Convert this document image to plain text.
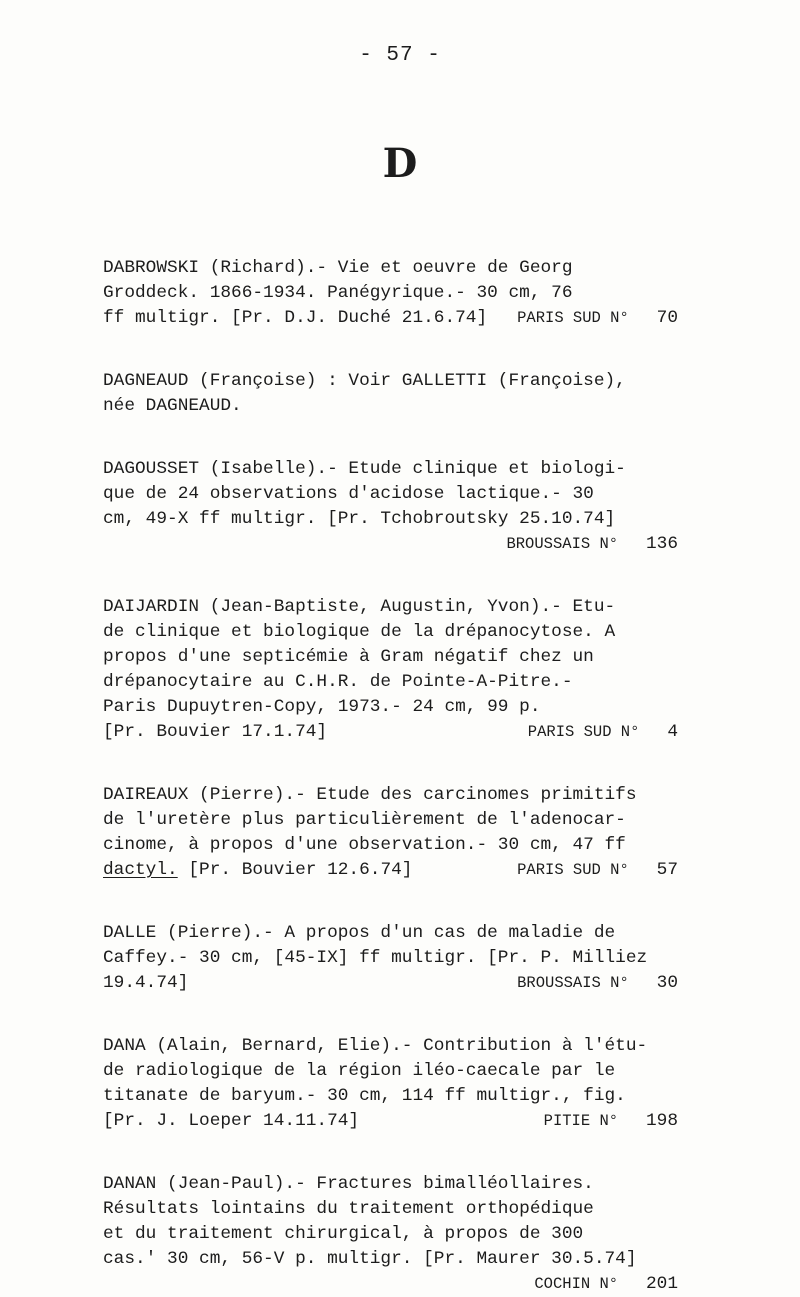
- 57 -
D
DABROWSKI (Richard).- Vie et oeuvre de Georg
Groddeck. 1866-1934. Panégyrique.- 30 cm, 76
ff multigr. [Pr. D.J. Duché 21.6.74]	PARIS SUD N° 70
DAGNEAUD (Françoise) : Voir GALLETTI (Françoise),
née DAGNEAUD.
DAGOUSSET (Isabelle).- Etude clinique et biologi-
que de 24 observations d'acidose lactique.- 30
cm, 49-X ff multigr. [Pr. Tchobroutsky 25.10.74]
BROUSSAIS N° 136
DAIJARDIN (Jean-Baptiste, Augustin, Yvon).- Etu-
de clinique et biologique de la drépanocytose. A
propos d'une septicémie à Gram négatif chez un
drépanocytaire au C.H.R. de Pointe-A-Pitre.-
Paris Dupuytren-Copy, 1973.- 24 cm, 99 p.
[Pr. Bouvier 17.1.74]	PARIS SUD N° 4
DAIREAUX (Pierre).- Etude des carcinomes primitifs
de l'uretère plus particulièrement de l'adenocar-
cinome, à propos d'une observation.- 30 cm, 47 ff
dactyl. [Pr. Bouvier 12.6.74]	PARIS SUD N° 57
DALLE (Pierre).- A propos d'un cas de maladie de
Caffey.- 30 cm, [45-IX] ff multigr. [Pr. P. Milliez
19.4.74]	BROUSSAIS N° 30
DANA (Alain, Bernard, Elie).- Contribution à l'étu-
de radiologique de la région iléo-caecale par le
titanate de baryum.- 30 cm, 114 ff multigr., fig.
[Pr. J. Loeper 14.11.74]	PITIE N° 198
DANAN (Jean-Paul).- Fractures bimalléollaires.
Résultats lointains du traitement orthopédique
et du traitement chirurgical, à propos de 300
cas.' 30 cm, 56-V p. multigr. [Pr. Maurer 30.5.74]
COCHIN N° 201
